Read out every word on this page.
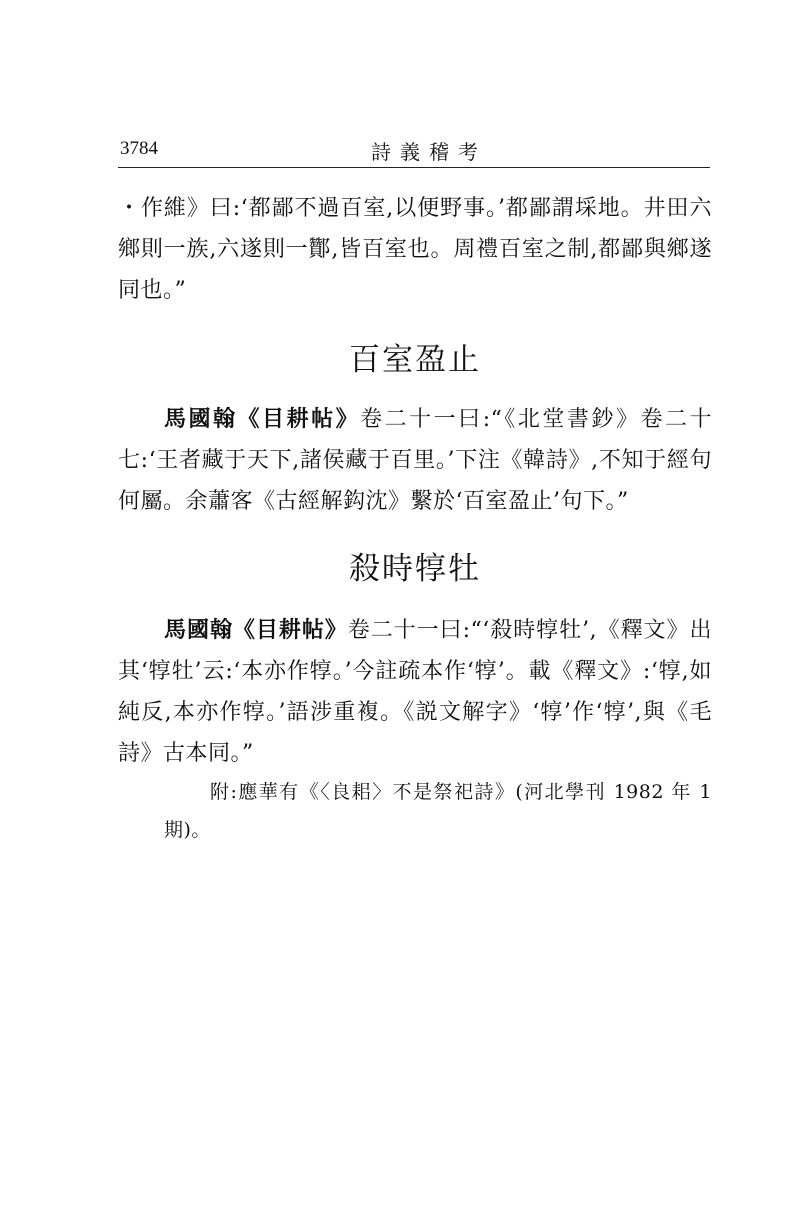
3784	詩義稽考

・作維》曰:‘都鄙不過百室,以便野事。’都鄙謂埰地。井田六鄉則一族,六遂則一酇,皆百室也。周禮百室之制,都鄙與鄉遂同也。”

百室盈止

馬國翰《目耕帖》卷二十一曰:“《北堂書鈔》卷二十七:‘王者藏于天下,諸侯藏于百里。’下注《韓詩》,不知于經句何屬。余蕭客《古經解鈎沈》繫於‘百室盈止’句下。”

殺時犉牡

馬國翰《目耕帖》卷二十一曰:“‘殺時犉牡’,《釋文》出其‘犉牡’云:‘本亦作犉。’今註疏本作‘犉’。載《釋文》:‘犉,如純反,本亦作犉。’語涉重複。《説文解字》‘犉’作‘犉’,與《毛詩》古本同。”

附:應華有《〈良耜〉不是祭祀詩》(河北學刊 1982 年 1 期)。
